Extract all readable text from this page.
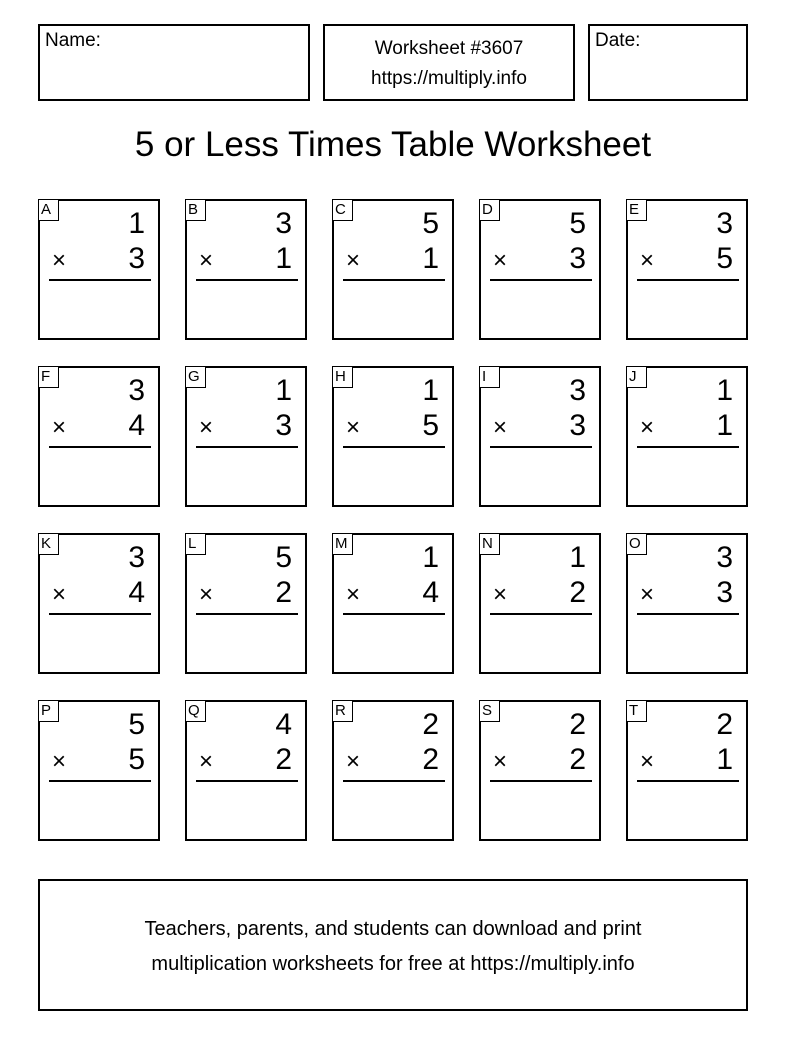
Name:	Worksheet #3607
https://multiply.info
Date:
5 or Less Times Table Worksheet
A	1
× 3
B	3
× 1
C	5
× 1
D	5
× 3
E	3
× 5
F	3
× 4
G	1
× 3
H	1
× 5
I	3
× 3
J	1
× 1
K	3
× 4
L	5
× 2
M 1
× 4
N	1
× 2
O	3
× 3
P	5
× 5
Q	4
× 2
R	2
× 2
S	2
× 2
T	2
× 1
Teachers, parents, and students can download and print
multiplication worksheets for free at https://multiply.info
